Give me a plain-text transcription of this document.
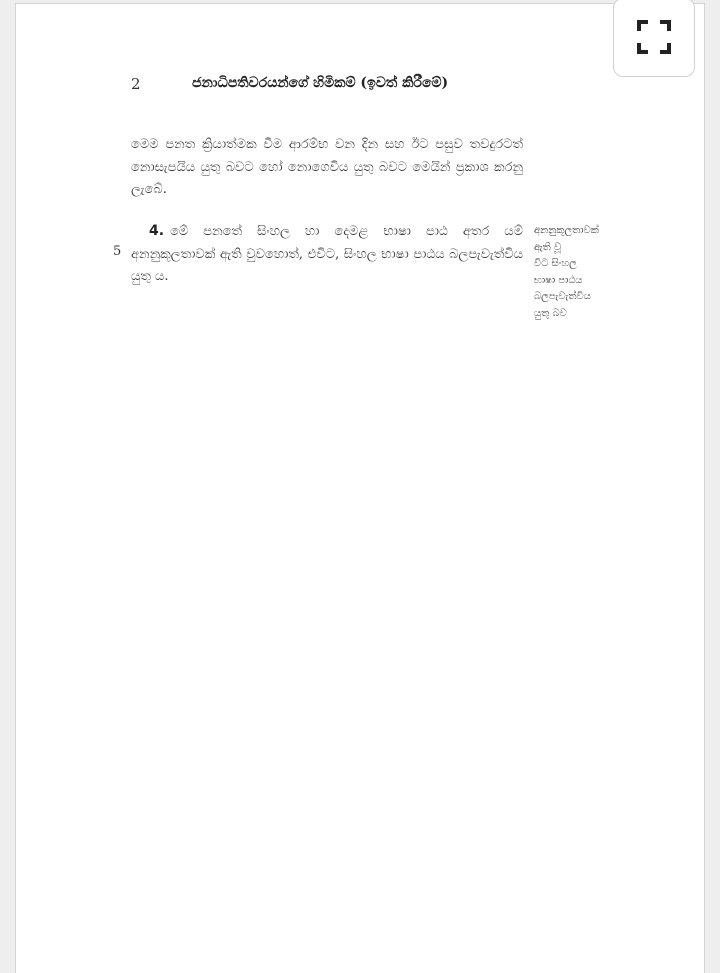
2	ජනාධිපතිවරයන්ගේ හිමිකම් (ඉවත් කිරීමේ)

මෙම පනත ක්‍රියාත්මක වීම ආරම්භ වන දින සහ ඊට පසුව තවදුරටත් නොසැපයිය යුතු බවට හෝ නොගෙවිය යුතු බවට මෙයින් ප්‍රකාශ කරනු ලැබේ.

5

4. මේ පනතේ සිංහල හා දෙමළ භාෂා පාඨ අතර යම් අනනුකූලතාවක් ඇති වුවහොත්, එවිට, සිංහල භාෂා පාඨය බලපැවැත්විය යුතු ය.

අනනුකූලතාවක්
ඇති වූ
විට සිංහල
භාෂා පාඨය
බලපැවැත්විය
යුතු බව
